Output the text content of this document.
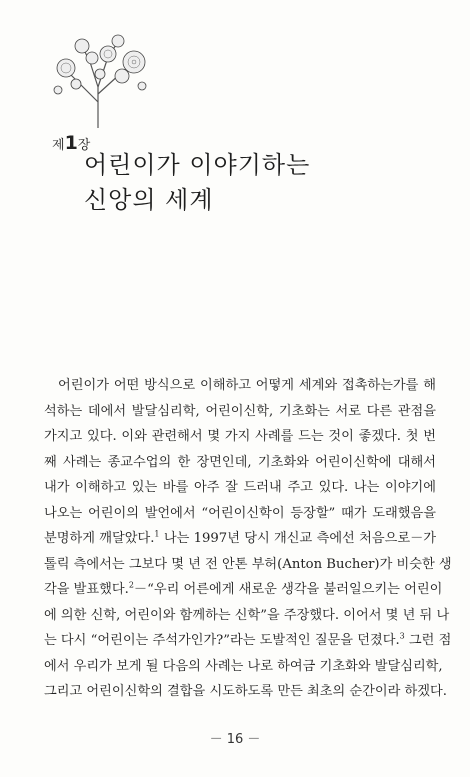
제1장
어린이가 이야기하는
신앙의 세계
어린이가 어떤 방식으로 이해하고 어떻게 세계와 접촉하는가를 해
석하는 데에서 발달심리학, 어린이신학, 기초화는 서로 다른 관점을
가지고 있다. 이와 관련해서 몇 가지 사례를 드는 것이 좋겠다. 첫 번
째 사례는 종교수업의 한 장면인데, 기초화와 어린이신학에 대해서
내가 이해하고 있는 바를 아주 잘 드러내 주고 있다. 나는 이야기에
나오는 어린이의 발언에서 “어린이신학이 등장할” 때가 도래했음을
분명하게 깨달았다.$^1$ 나는 1997년 당시 개신교 측에선 처음으로－가
톨릭 측에서는 그보다 몇 년 전 안톤 부허(Anton Bucher)가 비슷한 생
각을 발표했다.$^2$－“우리 어른에게 새로운 생각을 불러일으키는 어린이
에 의한 신학, 어린이와 함께하는 신학”을 주장했다. 이어서 몇 년 뒤 나
는 다시 “어린이는 주석가인가?”라는 도발적인 질문을 던졌다.$^3$ 그런 점
에서 우리가 보게 될 다음의 사례는 나로 하여금 기초화와 발달심리학,
그리고 어린이신학의 결합을 시도하도록 만든 최초의 순간이라 하겠다.
－ 16 －
